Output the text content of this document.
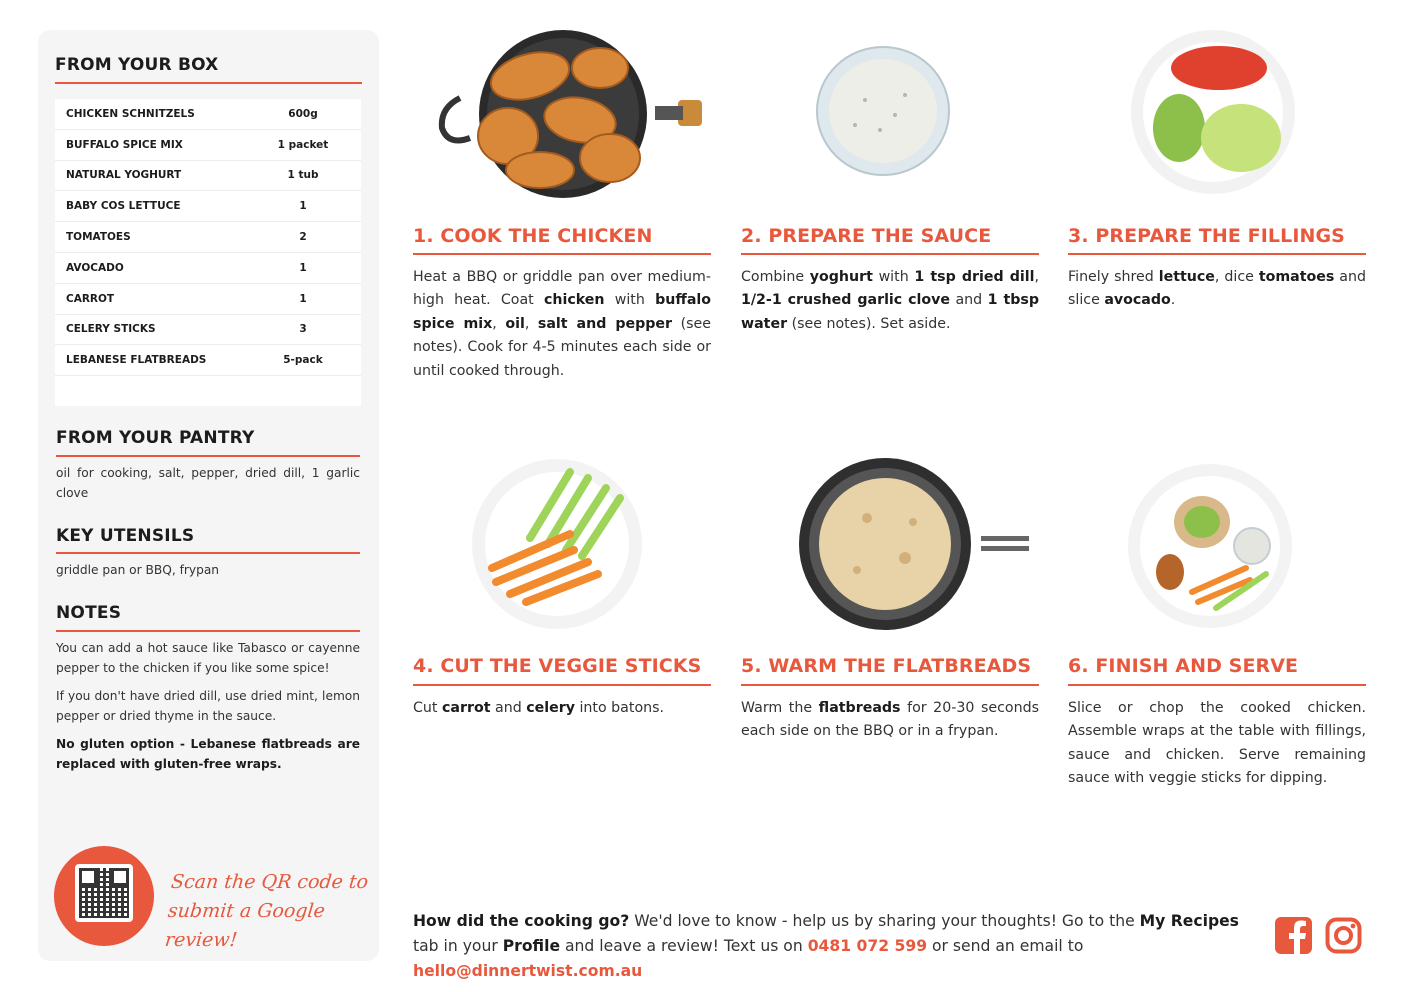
FROM YOUR BOX
CHICKEN SCHNITZELS	600g
BUFFALO SPICE MIX	1 packet
NATURAL YOGHURT	1 tub
BABY COS LETTUCE	1
TOMATOES	2
AVOCADO	1
CARROT	1
CELERY STICKS	3
LEBANESE FLATBREADS	5-pack
FROM YOUR PANTRY
oil for cooking, salt, pepper, dried dill, 1 garlic clove
KEY UTENSILS
griddle pan or BBQ, frypan
NOTES
You can add a hot sauce like Tabasco or cayenne pepper to the chicken if you like some spice!
If you don't have dried dill, use dried mint, lemon pepper or dried thyme in the sauce.
No gluten option - Lebanese flatbreads are replaced with gluten-free wraps.
Scan the QR code to
submit a Google review!
1. COOK THE CHICKEN
Heat a BBQ or griddle pan over medium-high heat. Coat chicken with buffalo spice mix, oil, salt and pepper (see notes). Cook for 4-5 minutes each side or until cooked through.
2. PREPARE THE SAUCE
Combine yoghurt with 1 tsp dried dill, 1/2-1 crushed garlic clove and 1 tbsp water (see notes). Set aside.
3. PREPARE THE FILLINGS
Finely shred lettuce, dice tomatoes and slice avocado.
4. CUT THE VEGGIE STICKS
Cut carrot and celery into batons.
5. WARM THE FLATBREADS
Warm the flatbreads for 20-30 seconds each side on the BBQ or in a frypan.
6. FINISH AND SERVE
Slice or chop the cooked chicken. Assemble wraps at the table with fillings, sauce and chicken. Serve remaining sauce with veggie sticks for dipping.
How did the cooking go? We'd love to know - help us by sharing your thoughts! Go to the My Recipes tab in your Profile and leave a review! Text us on 0481 072 599 or send an email to hello@dinnertwist.com.au
